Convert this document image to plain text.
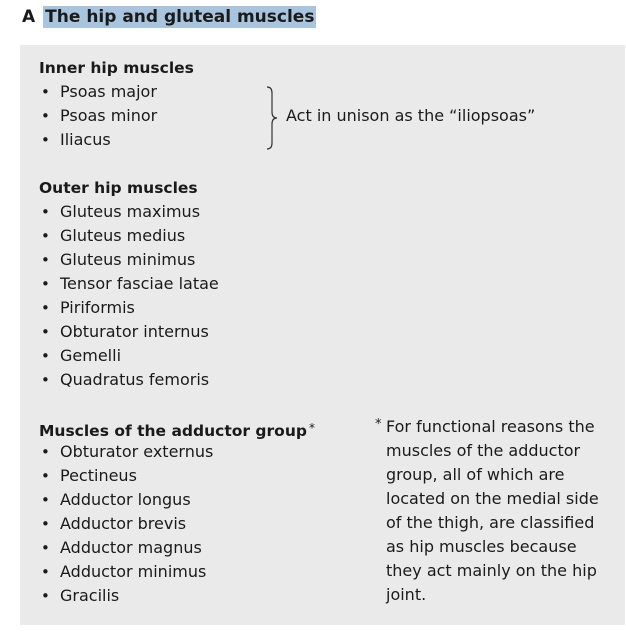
A The hip and gluteal muscles
Inner hip muscles
• Psoas major
• Psoas minor
• Iliacus
Act in unison as the “iliopsoas”
Outer hip muscles
• Gluteus maximus
• Gluteus medius
• Gluteus minimus
• Tensor fasciae latae
• Piriformis
• Obturator internus
• Gemelli
• Quadratus femoris
Muscles of the adductor group *
• Obturator externus
• Pectineus
• Adductor longus
• Adductor brevis
• Adductor magnus
• Adductor minimus
• Gracilis
* For functional reasons the muscles of the adductor group, all of which are located on the medial side of the thigh, are classified as hip muscles because they act mainly on the hip joint.
